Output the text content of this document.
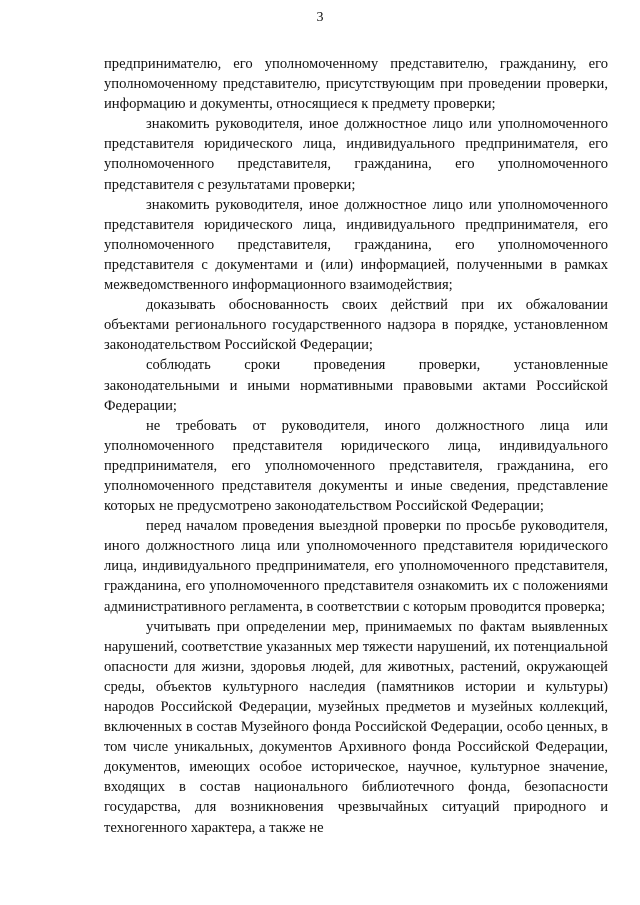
3

предпринимателю, его уполномоченному представителю, гражданину, его уполномоченному представителю, присутствующим при проведении проверки, информацию и документы, относящиеся к предмету проверки;

знакомить руководителя, иное должностное лицо или уполномоченного представителя юридического лица, индивидуального предпринимателя, его уполномоченного представителя, гражданина, его уполномоченного представителя с результатами проверки;

знакомить руководителя, иное должностное лицо или уполномоченного представителя юридического лица, индивидуального предпринимателя, его уполномоченного представителя, гражданина, его уполномоченного представителя с документами и (или) информацией, полученными в рамках межведомственного информационного взаимодействия;

доказывать обоснованность своих действий при их обжаловании объектами регионального государственного надзора в порядке, установленном законодательством Российской Федерации;

соблюдать сроки проведения проверки, установленные законодательными и иными нормативными правовыми актами Российской Федерации;

не требовать от руководителя, иного должностного лица или уполномоченного представителя юридического лица, индивидуального предпринимателя, его уполномоченного представителя, гражданина, его уполномоченного представителя документы и иные сведения, представление которых не предусмотрено законодательством Российской Федерации;

перед началом проведения выездной проверки по просьбе руководителя, иного должностного лица или уполномоченного представителя юридического лица, индивидуального предпринимателя, его уполномоченного представителя, гражданина, его уполномоченного представителя ознакомить их с положениями административного регламента, в соответствии с которым проводится проверка;

учитывать при определении мер, принимаемых по фактам выявленных нарушений, соответствие указанных мер тяжести нарушений, их потенциальной опасности для жизни, здоровья людей, для животных, растений, окружающей среды, объектов культурного наследия (памятников истории и культуры) народов Российской Федерации, музейных предметов и музейных коллекций, включенных в состав Музейного фонда Российской Федерации, особо ценных, в том числе уникальных, документов Архивного фонда Российской Федерации, документов, имеющих особое историческое, научное, культурное значение, входящих в состав национального библиотечного фонда, безопасности государства, для возникновения чрезвычайных ситуаций природного и техногенного характера, а также не
